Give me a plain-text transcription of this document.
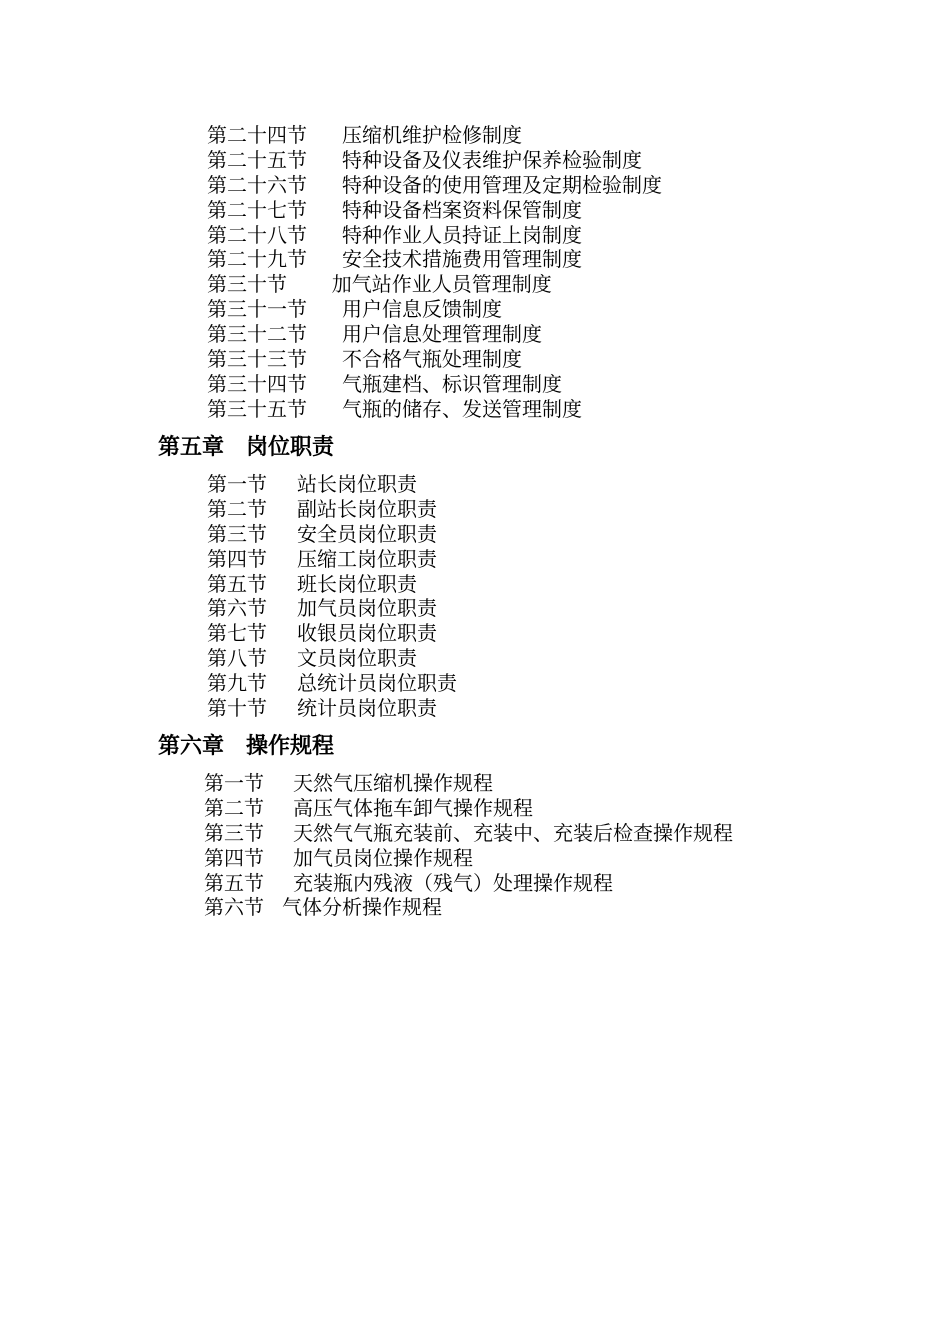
第二十四节 压缩机维护检修制度
第二十五节 特种设备及仪表维护保养检验制度
第二十六节 特种设备的使用管理及定期检验制度
第二十七节 特种设备档案资料保管制度
第二十八节 特种作业人员持证上岗制度
第二十九节 安全技术措施费用管理制度
第三十节  加气站作业人员管理制度
第三十一节 用户信息反馈制度
第三十二节 用户信息处理管理制度
第三十三节 不合格气瓶处理制度
第三十四节 气瓶建档、标识管理制度
第三十五节 气瓶的储存、发送管理制度
第五章　岗位职责
第一节 站长岗位职责
第二节 副站长岗位职责
第三节 安全员岗位职责
第四节 压缩工岗位职责
第五节 班长岗位职责
第六节 加气员岗位职责
第七节 收银员岗位职责
第八节 文员岗位职责
第九节 总统计员岗位职责
第十节 统计员岗位职责
第六章　操作规程
第一节 天然气压缩机操作规程
第二节 高压气体拖车卸气操作规程
第三节 天然气气瓶充装前、充装中、充装后检查操作规程
第四节 加气员岗位操作规程
第五节 充装瓶内残液（残气）处理操作规程
第六节 气体分析操作规程
